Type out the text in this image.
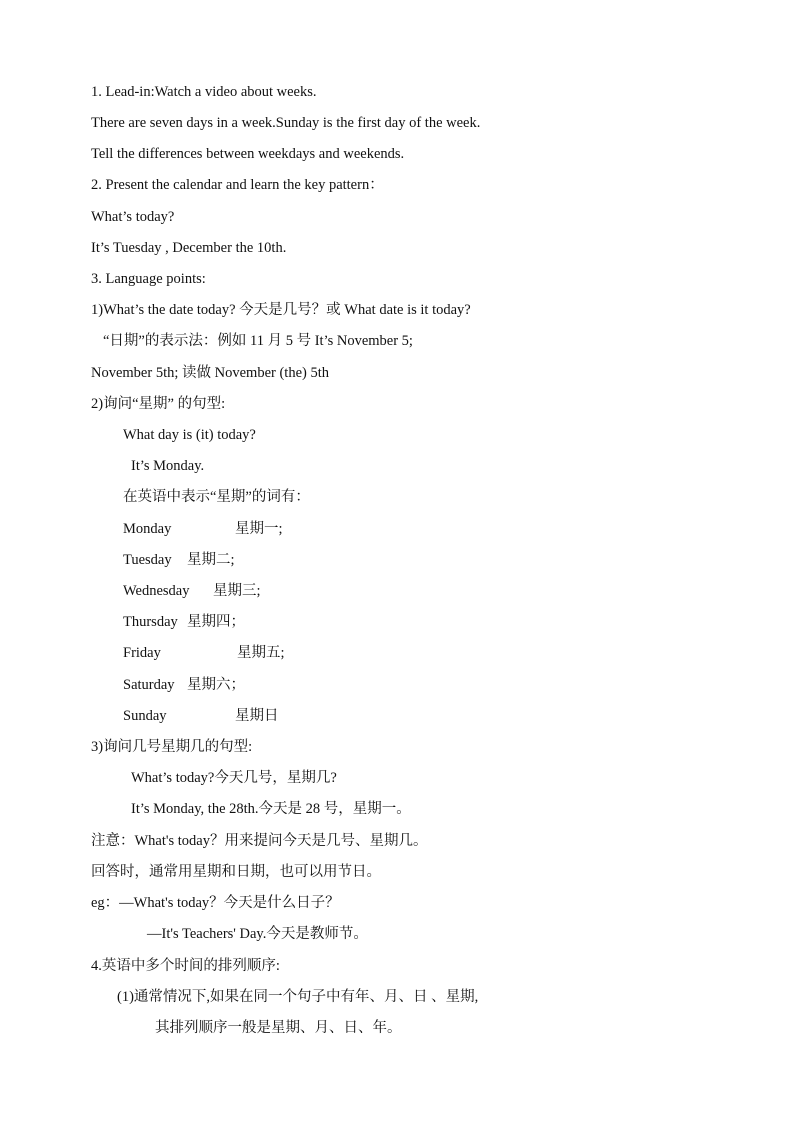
1. Lead-in:Watch a video about weeks.
There are seven days in a week.Sunday is the first day of the week.
Tell the differences between weekdays and weekends.
2. Present the calendar and learn the key pattern：
What’s today?
It’s Tuesday , December the 10th.
3. Language points:
1)What’s the date today? 今天是几号？或 What date is it today?
“日期”的表示法：例如 11 月 5 号 It’s November 5;
November 5th; 读做 November (the) 5th
2)询问“星期” 的句型:
What day is (it) today?
It’s Monday.
在英语中表示“星期”的词有：
Monday	星期一;
Tuesday 星期二;
Wednesday 星期三;
Thursday 星期四；
Friday	星期五;
Saturday 星期六；
Sunday	星期日
3)询问几号星期几的句型:
What’s today?今天几号，星期几?
It’s Monday, the 28th.今天是 28 号，星期一。
注意：What's today？用来提问今天是几号、星期几。
回答时，通常用星期和日期，也可以用节日。
eg：—What's today？今天是什么日子？
—It's Teachers' Day.今天是教师节。
4.英语中多个时间的排列顺序:
(1)通常情况下,如果在同一个句子中有年、月、日 、星期,
其排列顺序一般是星期、月、日、年。
